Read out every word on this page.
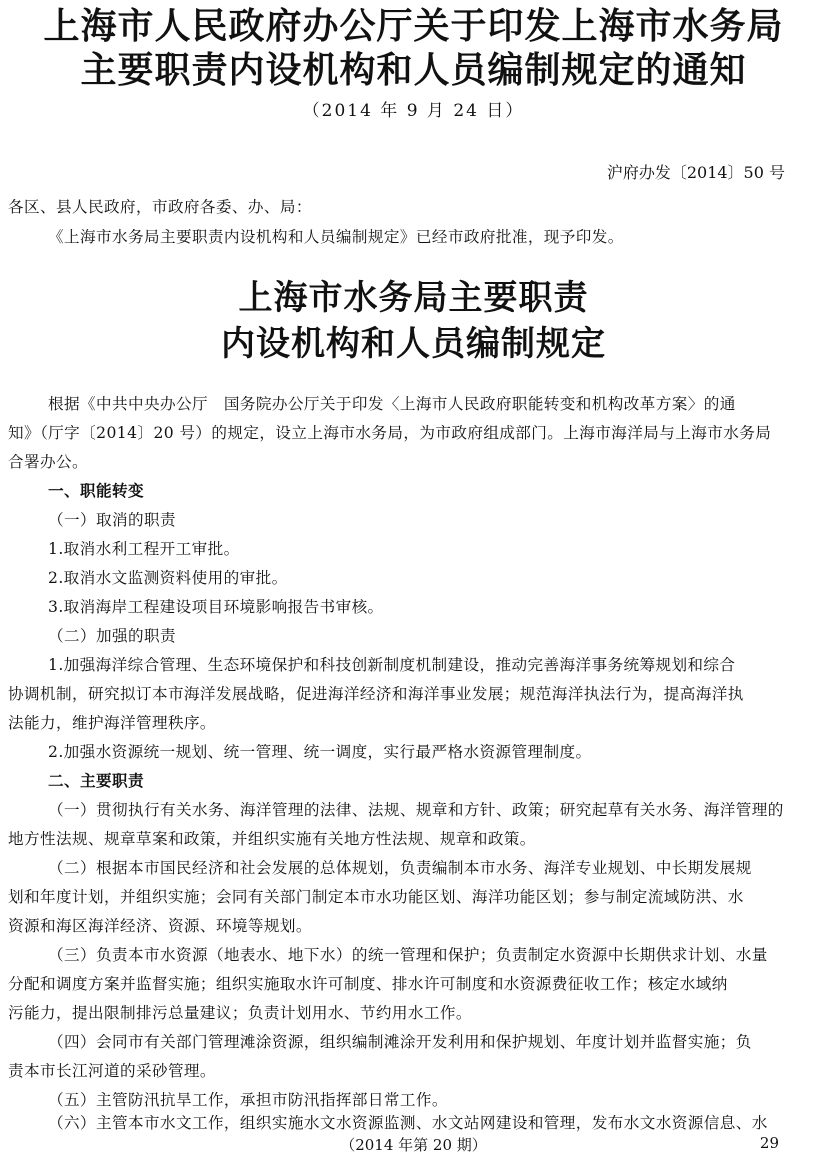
上海市人民政府办公厅关于印发上海市水务局
主要职责内设机构和人员编制规定的通知
（2014 年 9 月 24 日）
沪府办发〔2014〕50 号
各区、县人民政府，市政府各委、办、局：
《上海市水务局主要职责内设机构和人员编制规定》已经市政府批准，现予印发。
上海市水务局主要职责
内设机构和人员编制规定
根据《中共中央办公厅　国务院办公厅关于印发〈上海市人民政府职能转变和机构改革方案〉的通
知》（厅字〔2014〕20 号）的规定，设立上海市水务局，为市政府组成部门。上海市海洋局与上海市水务局
合署办公。
一、职能转变
（一）取消的职责
1.取消水利工程开工审批。
2.取消水文监测资料使用的审批。
3.取消海岸工程建设项目环境影响报告书审核。
（二）加强的职责
1.加强海洋综合管理、生态环境保护和科技创新制度机制建设，推动完善海洋事务统筹规划和综合
协调机制，研究拟订本市海洋发展战略，促进海洋经济和海洋事业发展；规范海洋执法行为，提高海洋执
法能力，维护海洋管理秩序。
2.加强水资源统一规划、统一管理、统一调度，实行最严格水资源管理制度。
二、主要职责
（一）贯彻执行有关水务、海洋管理的法律、法规、规章和方针、政策；研究起草有关水务、海洋管理的
地方性法规、规章草案和政策，并组织实施有关地方性法规、规章和政策。
（二）根据本市国民经济和社会发展的总体规划，负责编制本市水务、海洋专业规划、中长期发展规
划和年度计划，并组织实施；会同有关部门制定本市水功能区划、海洋功能区划；参与制定流域防洪、水
资源和海区海洋经济、资源、环境等规划。
（三）负责本市水资源（地表水、地下水）的统一管理和保护；负责制定水资源中长期供求计划、水量
分配和调度方案并监督实施；组织实施取水许可制度、排水许可制度和水资源费征收工作；核定水域纳
污能力，提出限制排污总量建议；负责计划用水、节约用水工作。
（四）会同市有关部门管理滩涂资源，组织编制滩涂开发利用和保护规划、年度计划并监督实施；负
责本市长江河道的采砂管理。
（五）主管防汛抗旱工作，承担市防汛指挥部日常工作。
（六）主管本市水文工作，组织实施水文水资源监测、水文站网建设和管理，发布水文水资源信息、水
（2014 年第 20 期）	29
